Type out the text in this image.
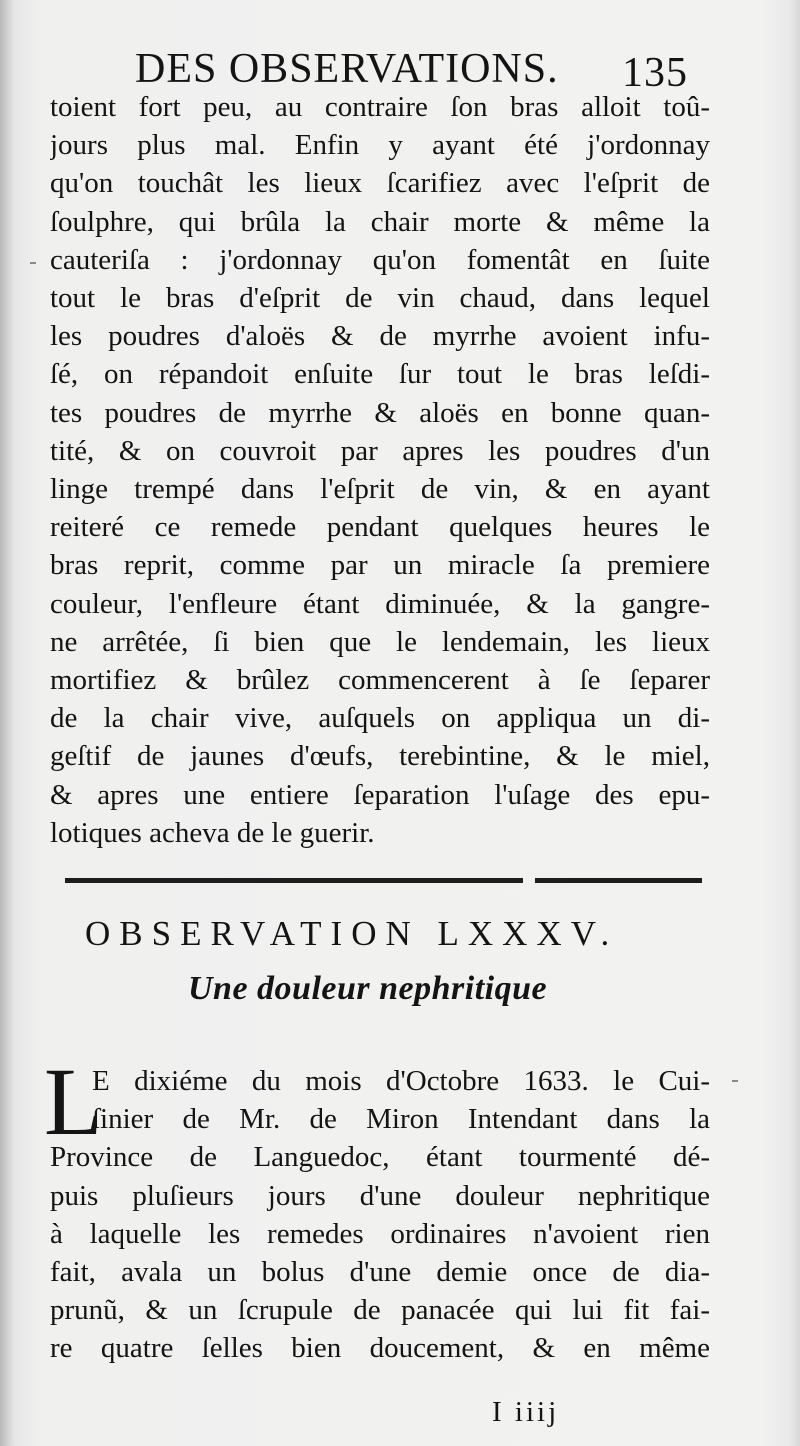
DES OBSERVATIONS. 135
toient fort peu, au contraire ſon bras alloit toû-
jours plus mal. Enfin y ayant été j'ordonnay
qu'on touchât les lieux ſcarifiez avec l'eſprit de
ſoulphre, qui brûla la chair morte & même la
cauteriſa : j'ordonnay qu'on fomentât en ſuite
tout le bras d'eſprit de vin chaud, dans lequel
les poudres d'aloës & de myrrhe avoient infu-
ſé, on répandoit enſuite ſur tout le bras leſdi-
tes poudres de myrrhe & aloës en bonne quan-
tité, & on couvroit par apres les poudres d'un
linge trempé dans l'eſprit de vin, & en ayant
reiteré ce remede pendant quelques heures le
bras reprit, comme par un miracle ſa premiere
couleur, l'enfleure étant diminuée, & la gangre-
ne arrêtée, ſi bien que le lendemain, les lieux
mortifiez & brûlez commencerent à ſe ſeparer
de la chair vive, auſquels on appliqua un di-
geſtif de jaunes d'œufs, terebintine, & le miel,
& apres une entiere ſeparation l'uſage des epu-
lotiques acheva de le guerir.
OBSERVATION LXXXV.
Une douleur nephritique
L
E dixiéme du mois d'Octobre 1633. le Cui-
ſinier de Mr. de Miron Intendant dans la
Province de Languedoc, étant tourmenté dé-
puis pluſieurs jours d'une douleur nephritique
à laquelle les remedes ordinaires n'avoient rien
fait, avala un bolus d'une demie once de dia-
prunũ, & un ſcrupule de panacée qui lui fit fai-
re quatre ſelles bien doucement, & en même
I iiij
